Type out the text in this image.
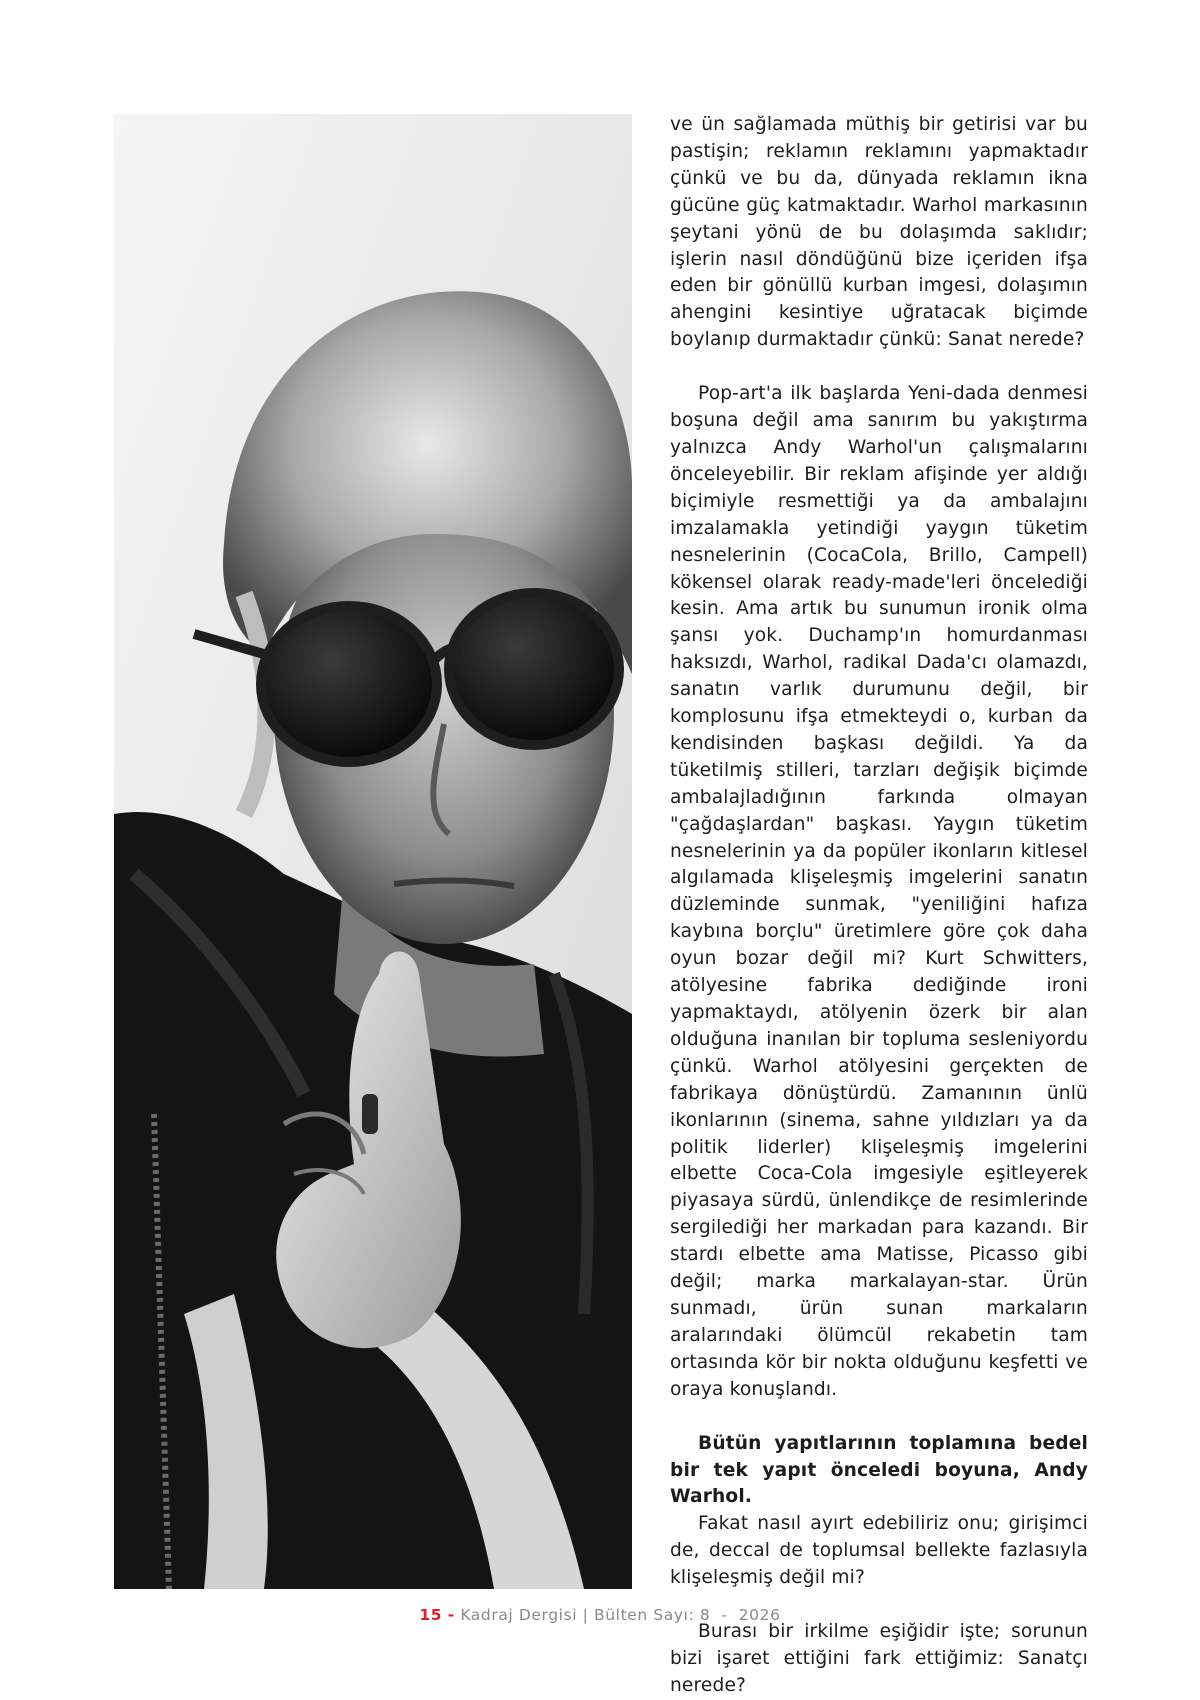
ve ün sağlamada müthiş bir getirisi var bu pastişin; reklamın reklamını yapmaktadır çünkü ve bu da, dünyada reklamın ikna gücüne güç katmaktadır. Warhol markasının şeytani yönü de bu dolaşımda saklıdır; işlerin nasıl döndüğünü bize içeriden ifşa eden bir gönüllü kurban imgesi, dolaşımın ahengini kesintiye uğratacak biçimde boylanıp durmaktadır çünkü: Sanat nerede?

Pop-art'a ilk başlarda Yeni-dada denmesi boşuna değil ama sanırım bu yakıştırma yalnızca Andy Warhol'un çalışmalarını önceleyebilir. Bir reklam afişinde yer aldığı biçimiyle resmettiği ya da ambalajını imzalamakla yetindiği yaygın tüketim nesnelerinin (CocaCola, Brillo, Campell) kökensel olarak ready-made'leri öncelediği kesin. Ama artık bu sunumun ironik olma şansı yok. Duchamp'ın homurdanması haksızdı, Warhol, radikal Dada'cı olamazdı, sanatın varlık durumunu değil, bir komplosunu ifşa etmekteydi o, kurban da kendisinden başkası değildi. Ya da tüketilmiş stilleri, tarzları değişik biçimde ambalajladığının farkında olmayan "çağdaşlardan" başkası. Yaygın tüketim nesnelerinin ya da popüler ikonların kitlesel algılamada klişeleşmiş imgelerini sanatın düzleminde sunmak, "yeniliğini hafıza kaybına borçlu" üretimlere göre çok daha oyun bozar değil mi? Kurt Schwitters, atölyesine fabrika dediğinde ironi yapmaktaydı, atölyenin özerk bir alan olduğuna inanılan bir topluma sesleniyordu çünkü. Warhol atölyesini gerçekten de fabrikaya dönüştürdü. Zamanının ünlü ikonlarının (sinema, sahne yıldızları ya da politik liderler) klişeleşmiş imgelerini elbette Coca-Cola imgesiyle eşitleyerek piyasaya sürdü, ünlendikçe de resimlerinde sergilediği her markadan para kazandı. Bir stardı elbette ama Matisse, Picasso gibi değil; marka markalayan-star. Ürün sunmadı, ürün sunan markaların aralarındaki ölümcül rekabetin tam ortasında kör bir nokta olduğunu keşfetti ve oraya konuşlandı.

Bütün yapıtlarının toplamına bedel bir tek yapıt önceledi boyuna, Andy Warhol.

Fakat nasıl ayırt edebiliriz onu; girişimci de, deccal de toplumsal bellekte fazlasıyla klişeleşmiş değil mi?

Burası bir irkilme eşiğidir işte; sorunun bizi işaret ettiğini fark ettiğimiz: Sanatçı nerede?

15 - Kadraj Dergisi | Bülten Sayı: 8 - 2026
